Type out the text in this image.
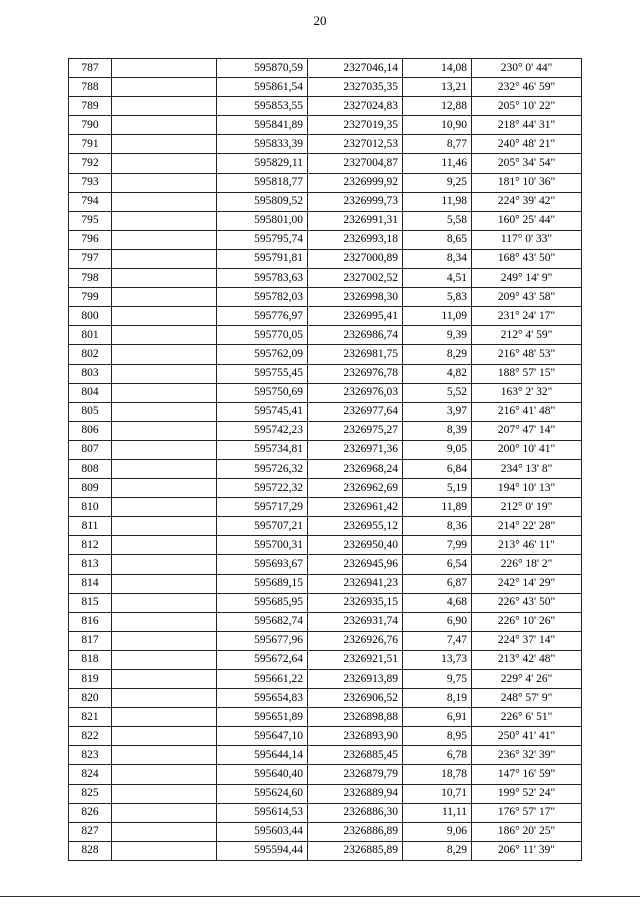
20
787		595870,59	2327046,14	14,08	230° 0' 44"
788		595861,54	2327035,35	13,21	232° 46' 59"
789		595853,55	2327024,83	12,88	205° 10' 22"
790		595841,89	2327019,35	10,90	218° 44' 31"
791		595833,39	2327012,53	8,77	240° 48' 21"
792		595829,11	2327004,87	11,46	205° 34' 54"
793		595818,77	2326999,92	9,25	181° 10' 36"
794		595809,52	2326999,73	11,98	224° 39' 42"
795		595801,00	2326991,31	5,58	160° 25' 44"
796		595795,74	2326993,18	8,65	117° 0' 33"
797		595791,81	2327000,89	8,34	168° 43' 50"
798		595783,63	2327002,52	4,51	249° 14' 9"
799		595782,03	2326998,30	5,83	209° 43' 58"
800		595776,97	2326995,41	11,09	231° 24' 17"
801		595770,05	2326986,74	9,39	212° 4' 59"
802		595762,09	2326981,75	8,29	216° 48' 53"
803		595755,45	2326976,78	4,82	188° 57' 15"
804		595750,69	2326976,03	5,52	163° 2' 32"
805		595745,41	2326977,64	3,97	216° 41' 48"
806		595742,23	2326975,27	8,39	207° 47' 14"
807		595734,81	2326971,36	9,05	200° 10' 41"
808		595726,32	2326968,24	6,84	234° 13' 8"
809		595722,32	2326962,69	5,19	194° 10' 13"
810		595717,29	2326961,42	11,89	212° 0' 19"
811		595707,21	2326955,12	8,36	214° 22' 28"
812		595700,31	2326950,40	7,99	213° 46' 11"
813		595693,67	2326945,96	6,54	226° 18' 2"
814		595689,15	2326941,23	6,87	242° 14' 29"
815		595685,95	2326935,15	4,68	226° 43' 50"
816		595682,74	2326931,74	6,90	226° 10' 26"
817		595677,96	2326926,76	7,47	224° 37' 14"
818		595672,64	2326921,51	13,73	213° 42' 48"
819		595661,22	2326913,89	9,75	229° 4' 26"
820		595654,83	2326906,52	8,19	248° 57' 9"
821		595651,89	2326898,88	6,91	226° 6' 51"
822		595647,10	2326893,90	8,95	250° 41' 41"
823		595644,14	2326885,45	6,78	236° 32' 39"
824		595640,40	2326879,79	18,78	147° 16' 59"
825		595624,60	2326889,94	10,71	199° 52' 24"
826		595614,53	2326886,30	11,11	176° 57' 17"
827		595603,44	2326886,89	9,06	186° 20' 25"
828		595594,44	2326885,89	8,29	206° 11' 39"
